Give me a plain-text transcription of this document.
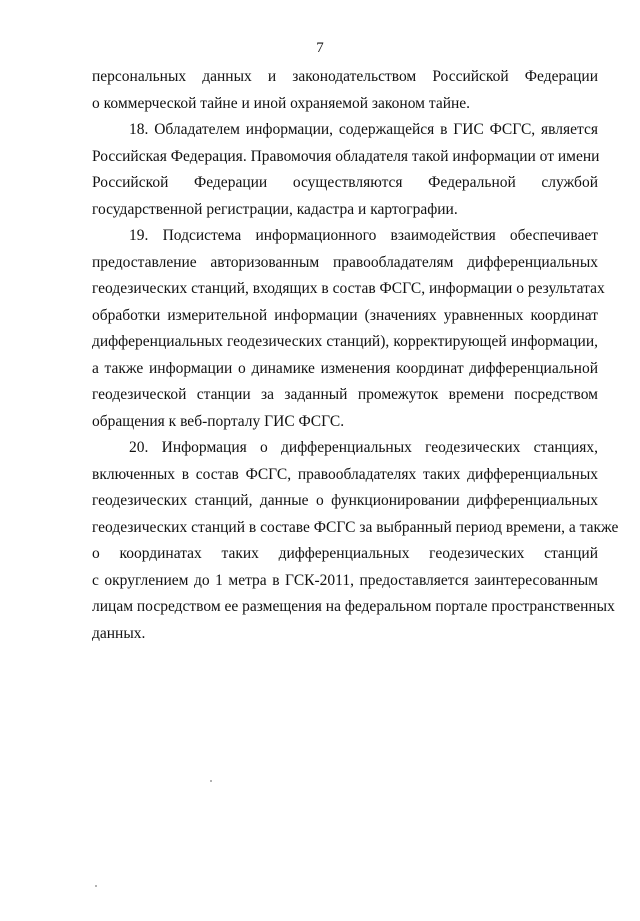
7

персональных данных и законодательством Российской Федерации
о коммерческой тайне и иной охраняемой законом тайне.

18. Обладателем информации, содержащейся в ГИС ФСГС, является
Российская Федерация. Правомочия обладателя такой информации от имени
Российской Федерации осуществляются Федеральной службой
государственной регистрации, кадастра и картографии.

19. Подсистема информационного взаимодействия обеспечивает
предоставление авторизованным правообладателям дифференциальных
геодезических станций, входящих в состав ФСГС, информации о результатах
обработки измерительной информации (значениях уравненных координат
дифференциальных геодезических станций), корректирующей информации,
а также информации о динамике изменения координат дифференциальной
геодезической станции за заданный промежуток времени посредством
обращения к веб-порталу ГИС ФСГС.

20. Информация о дифференциальных геодезических станциях,
включенных в состав ФСГС, правообладателях таких дифференциальных
геодезических станций, данные о функционировании дифференциальных
геодезических станций в составе ФСГС за выбранный период времени, а также
о координатах таких дифференциальных геодезических станций
с округлением до 1 метра в ГСК-2011, предоставляется заинтересованным
лицам посредством ее размещения на федеральном портале пространственных
данных.
